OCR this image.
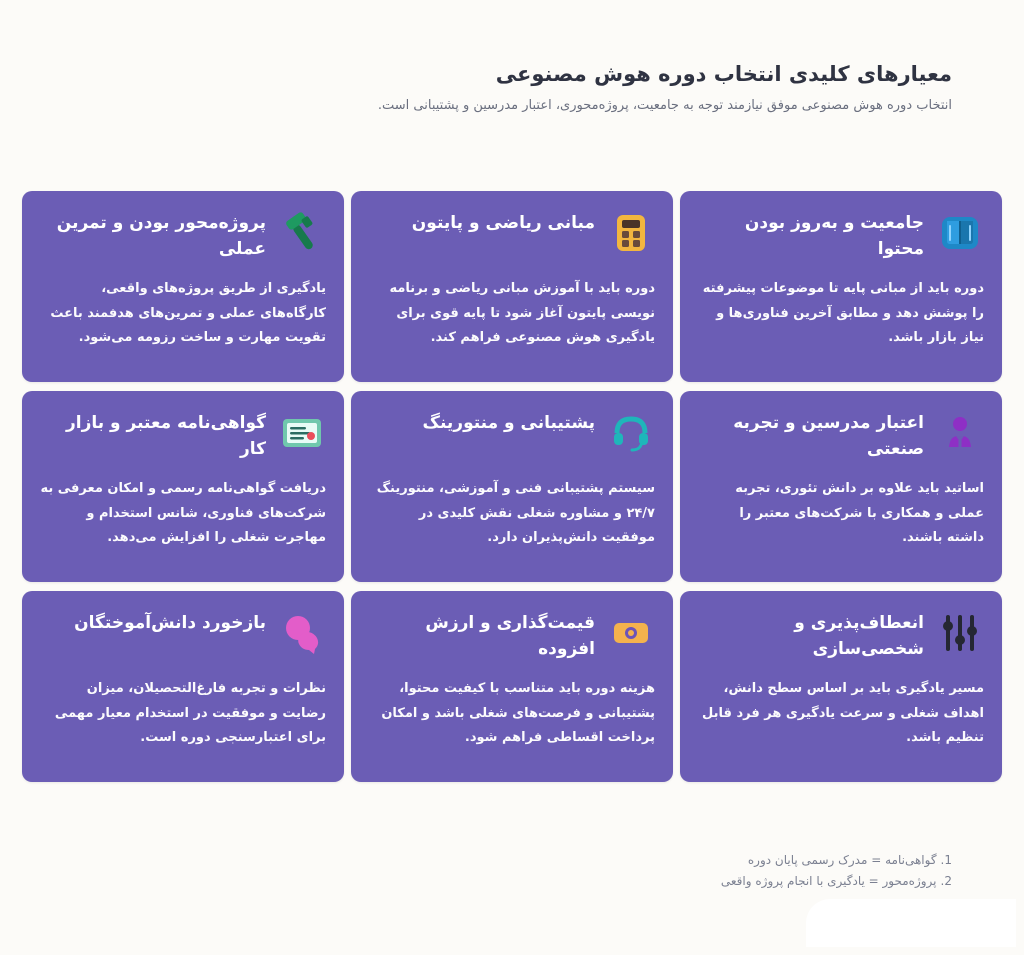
معیارهای کلیدی انتخاب دوره هوش مصنوعی

انتخاب دوره هوش مصنوعی موفق نیازمند توجه به جامعیت، پروژه‌محوری، اعتبار مدرسین و پشتیبانی است.

جامعیت و به‌روز بودن محتوا

دوره باید از مبانی پایه تا موضوعات پیشرفته را پوشش دهد و مطابق آخرین فناوری‌ها و نیاز بازار باشد.

مبانی ریاضی و پایتون

دوره باید با آموزش مبانی ریاضی و برنامه نویسی پایتون آغاز شود تا پایه قوی برای یادگیری هوش مصنوعی فراهم کند.

پروژه‌محور بودن و تمرین عملی

یادگیری از طریق پروژه‌های واقعی، کارگاه‌های عملی و تمرین‌های هدفمند باعث تقویت مهارت و ساخت رزومه می‌شود.

اعتبار مدرسین و تجربه صنعتی

اساتید باید علاوه بر دانش تئوری، تجربه عملی و همکاری با شرکت‌های معتبر را داشته باشند.

پشتیبانی و منتورینگ

سیستم پشتیبانی فنی و آموزشی، منتورینگ ۲۴/۷ و مشاوره شغلی نقش کلیدی در موفقیت دانش‌پذیران دارد.

گواهی‌نامه معتبر و بازار کار

دریافت گواهی‌نامه رسمی و امکان معرفی به شرکت‌های فناوری، شانس استخدام و مهاجرت شغلی را افزایش می‌دهد.

انعطاف‌پذیری و شخصی‌سازی

مسیر یادگیری باید بر اساس سطح دانش، اهداف شغلی و سرعت یادگیری هر فرد قابل تنظیم باشد.

قیمت‌گذاری و ارزش افزوده

هزینه دوره باید متناسب با کیفیت محتوا، پشتیبانی و فرصت‌های شغلی باشد و امکان پرداخت اقساطی فراهم شود.

بازخورد دانش‌آموختگان

نظرات و تجربه فارغ‌التحصیلان، میزان رضایت و موفقیت در استخدام معیار مهمی برای اعتبارسنجی دوره است.

1.
گواهی‌نامه = مدرک رسمی پایان دوره
2.
پروژه‌محور = یادگیری با انجام پروژه واقعی
